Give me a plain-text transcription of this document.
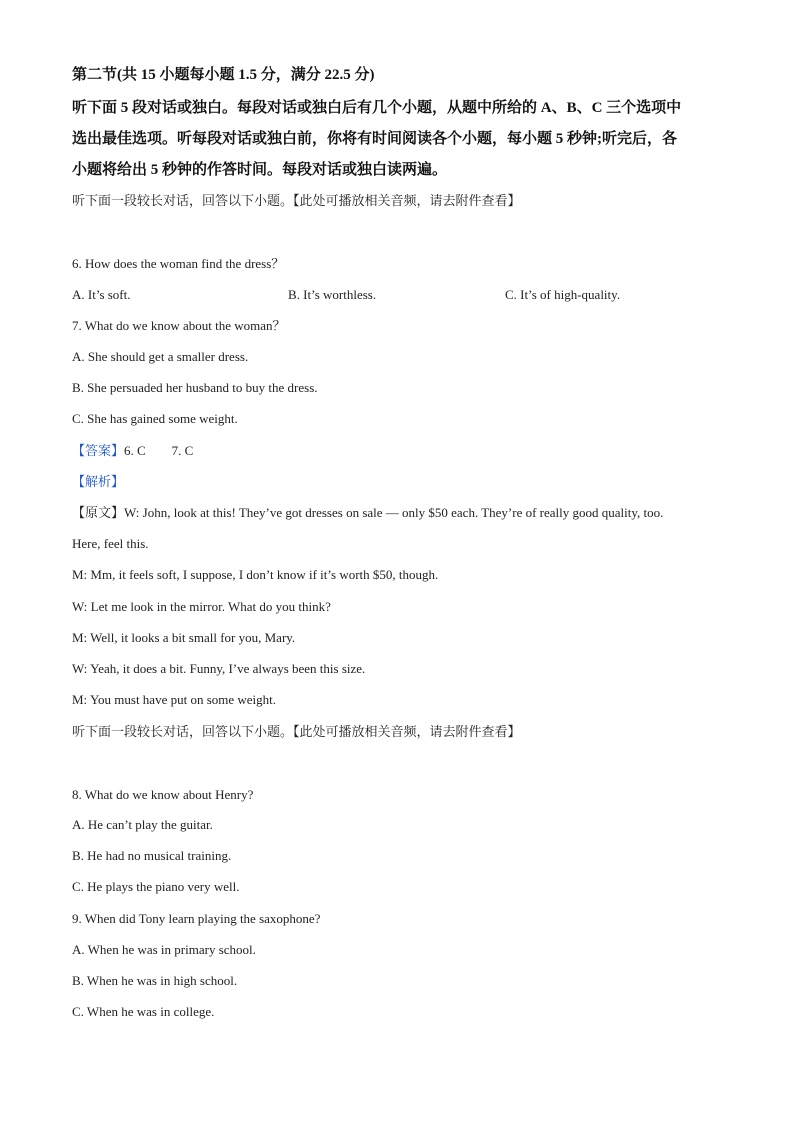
第二节(共 15 小题每小题 1.5 分，满分 22.5 分)
听下面 5 段对话或独白。每段对话或独白后有几个小题，从题中所给的 A、B、C 三个选项中
选出最佳选项。听每段对话或独白前，你将有时间阅读各个小题，每小题 5 秒钟;听完后，各
小题将给出 5 秒钟的作答时间。每段对话或独白读两遍。
听下面一段较长对话，回答以下小题。【此处可播放相关音频，请去附件查看】
6. How does the woman find the dress？
A. It’s soft.	B. It’s worthless.	C. It’s of high-quality.
7. What do we know about the woman？
A. She should get a smaller dress.
B. She persuaded her husband to buy the dress.
C. She has gained some weight.
【答案】6. C        7. C
【解析】
【原文】W: John, look at this! They’ve got dresses on sale — only $50 each. They’re of really good quality, too.
Here, feel this.
M: Mm, it feels soft, I suppose, I don’t know if it’s worth $50, though.
W: Let me look in the mirror. What do you think?
M: Well, it looks a bit small for you, Mary.
W: Yeah, it does a bit. Funny, I’ve always been this size.
M: You must have put on some weight.
听下面一段较长对话，回答以下小题。【此处可播放相关音频，请去附件查看】
8. What do we know about Henry?
A. He can’t play the guitar.
B. He had no musical training.
C. He plays the piano very well.
9. When did Tony learn playing the saxophone?
A. When he was in primary school.
B. When he was in high school.
C. When he was in college.
